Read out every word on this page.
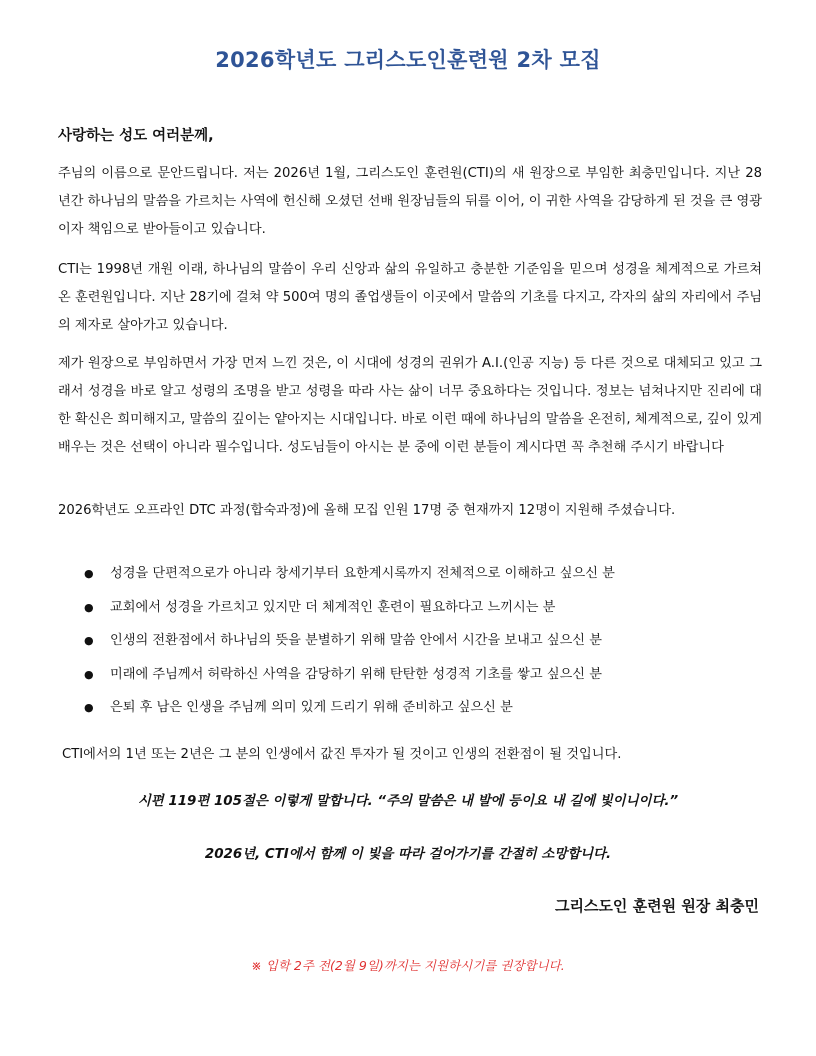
2026학년도 그리스도인훈련원 2차 모집
사랑하는 성도 여러분께,

주님의 이름으로 문안드립니다. 저는 2026년 1월, 그리스도인 훈련원(CTI)의 새 원장으로 부임한 최충민입니다. 지난 28년간 하나님의 말씀을 가르치는 사역에 헌신해 오셨던 선배 원장님들의 뒤를 이어, 이 귀한 사역을 감당하게 된 것을 큰 영광이자 책임으로 받아들이고 있습니다.

CTI는 1998년 개원 이래, 하나님의 말씀이 우리 신앙과 삶의 유일하고 충분한 기준임을 믿으며 성경을 체계적으로 가르쳐 온 훈련원입니다. 지난 28기에 걸쳐 약 500여 명의 졸업생들이 이곳에서 말씀의 기초를 다지고, 각자의 삶의 자리에서 주님의 제자로 살아가고 있습니다.

제가 원장으로 부임하면서 가장 먼저 느낀 것은, 이 시대에 성경의 권위가 A.I.(인공 지능) 등 다른 것으로 대체되고 있고 그래서 성경을 바로 알고 성령의 조명을 받고 성령을 따라 사는 삶이 너무 중요하다는 것입니다. 정보는 넘쳐나지만 진리에 대한 확신은 희미해지고, 말씀의 깊이는 얕아지는 시대입니다. 바로 이런 때에 하나님의 말씀을 온전히, 체계적으로, 깊이 있게 배우는 것은 선택이 아니라 필수입니다. 성도님들이 아시는 분 중에 이런 분들이 계시다면 꼭 추천해 주시기 바랍니다

2026학년도 오프라인 DTC 과정(합숙과정)에 올해 모집 인원 17명 중 현재까지 12명이 지원해 주셨습니다.

● 성경을 단편적으로가 아니라 창세기부터 요한계시록까지 전체적으로 이해하고 싶으신 분
● 교회에서 성경을 가르치고 있지만 더 체계적인 훈련이 필요하다고 느끼시는 분
● 인생의 전환점에서 하나님의 뜻을 분별하기 위해 말씀 안에서 시간을 보내고 싶으신 분
● 미래에 주님께서 허락하신 사역을 감당하기 위해 탄탄한 성경적 기초를 쌓고 싶으신 분
● 은퇴 후 남은 인생을 주님께 의미 있게 드리기 위해 준비하고 싶으신 분

CTI에서의 1년 또는 2년은 그 분의 인생에서 값진 투자가 될 것이고 인생의 전환점이 될 것입니다.

시편 119편 105절은 이렇게 말합니다. “주의 말씀은 내 발에 등이요 내 길에 빛이니이다.”

2026년, CTI에서 함께 이 빛을 따라 걸어가기를 간절히 소망합니다.

그리스도인 훈련원 원장 최충민
※ 입학 2주 전(2월 9일)까지는 지원하시기를 권장합니다.
